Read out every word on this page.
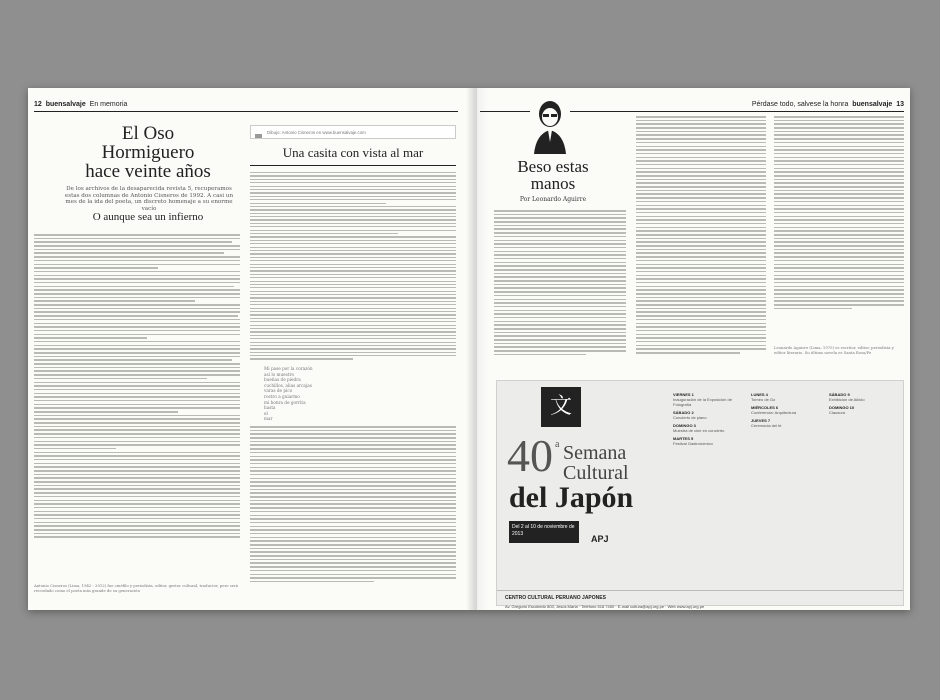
12 buensalvaje En memoria
El Oso
Hormiguero
hace veinte años
De los archivos de la desaparecida revista 5, recuperamos estas dos columnas de Antonio Cisneros de 1992. A casi un mes de la ida del poeta, un discreto homenaje a su enorme vacío
O aunque sea un infierno
Dibujo: Antonio Cisneros en www.buensalvaje.com
Una casita con vista al mar
Antonio Cisneros (Lima, 1942 - 2012) fue cinéfilo y periodista, editor, gestor cultural, traductor, pero será recordado como el poeta más grande de su generación
Mi pase por la corazón
así lo muestro
bueñas de piedra
cuchillos, alias arcajas
varas de pico
rostro a guiarmo
mi honra de gorrita
hasta
el
mar
Pérdase todo, salvese la honra buensalvaje 13
Beso estas
manos
Por Leonardo Aguirre
Leonardo Aguirre (Lima, 1975) es escritor, editor, periodista y editor literario. Su último novela es Santa Rosa/Fe
文
40 a Semana
Cultural
del Japón
Del 2 al 10 de noviembre de 2013	APJ
VIERNES 1
Inauguración de la Exposición de Fotografía
SÁBADO 2
Concierto de piano
DOMINGO 3
Muestra de cine en concierto
MARTES 5
Festival Gastronómico
LUNES 4
Torneo de Go
MIÉRCOLES 6
Conferencia: Arquitectura
JUEVES 7
Ceremonia del té
SÁBADO 9
Exhibición de Aikido
DOMINGO 10
Clausura
CENTRO CULTURAL PERUANO JAPONÉS
Av. Gregorio Escobedo 803, Jesús María · Teléfono 518 7450 · E-mail cultura@apj.org.pe · Web www.apj.org.pe
